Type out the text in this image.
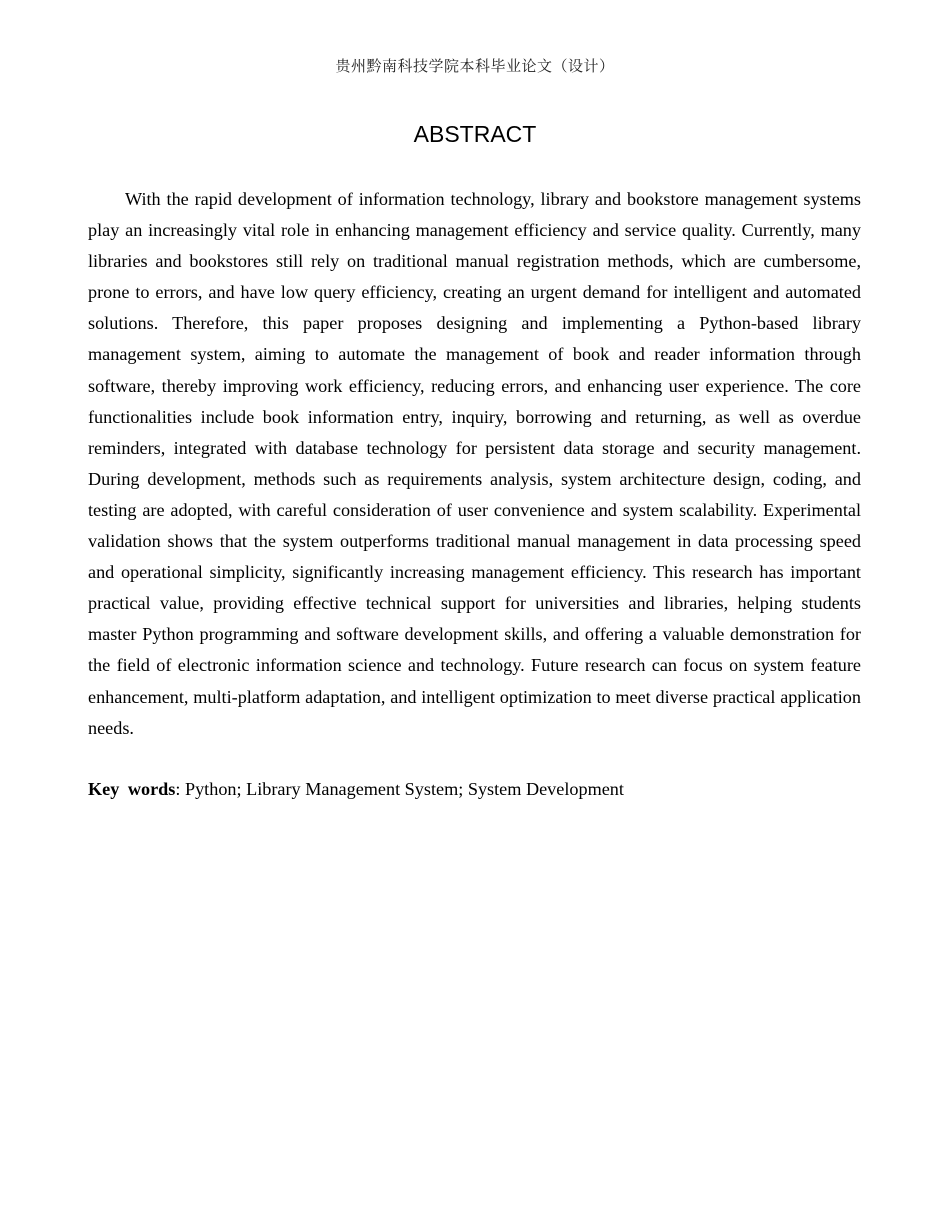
贵州黔南科技学院本科毕业论文（设计）
ABSTRACT

With the rapid development of information technology, library and bookstore management systems play an increasingly vital role in enhancing management efficiency and service quality. Currently, many libraries and bookstores still rely on traditional manual registration methods, which are cumbersome, prone to errors, and have low query efficiency, creating an urgent demand for intelligent and automated solutions. Therefore, this paper proposes designing and implementing a Python-based library management system, aiming to automate the management of book and reader information through software, thereby improving work efficiency, reducing errors, and enhancing user experience. The core functionalities include book information entry, inquiry, borrowing and returning, as well as overdue reminders, integrated with database technology for persistent data storage and security management. During development, methods such as requirements analysis, system architecture design, coding, and testing are adopted, with careful consideration of user convenience and system scalability. Experimental validation shows that the system outperforms traditional manual management in data processing speed and operational simplicity, significantly increasing management efficiency. This research has important practical value, providing effective technical support for universities and libraries, helping students master Python programming and software development skills, and offering a valuable demonstration for the field of electronic information science and technology. Future research can focus on system feature enhancement, multi-platform adaptation, and intelligent optimization to meet diverse practical application needs.

Key words: Python; Library Management System; System Development
